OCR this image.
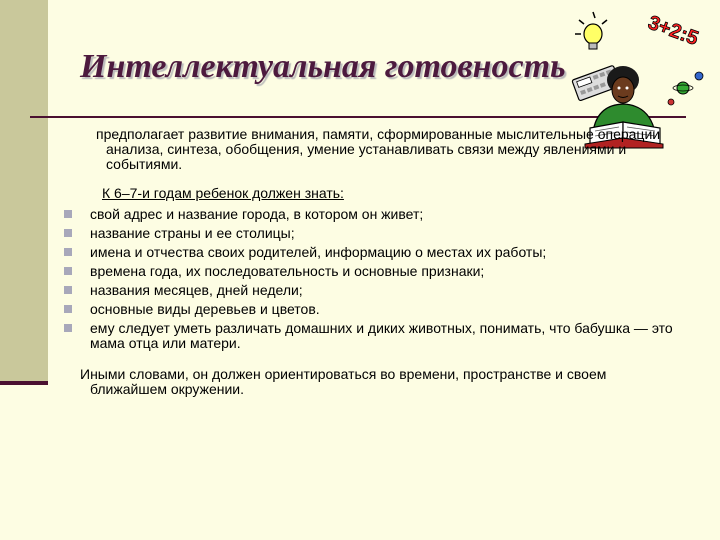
Интеллектуальная готовность
3+2:5

предполагает развитие внимания, памяти, сформированные мыслительные операции анализа, синтеза, обобщения, умение устанавливать связи между явлениями и событиями.

К 6–7-и годам ребенок должен знать:

свой адрес и название города, в котором он живет;
название страны и ее столицы;
имена и отчества своих родителей, информацию о местах их работы;
времена года, их последовательность и основные признаки;
названия месяцев, дней недели;
основные виды деревьев и цветов.
ему следует уметь различать домашних и диких животных, понимать, что бабушка — это мама отца или матери.

Иными словами, он должен ориентироваться во времени, пространстве и своем ближайшем окружении.
